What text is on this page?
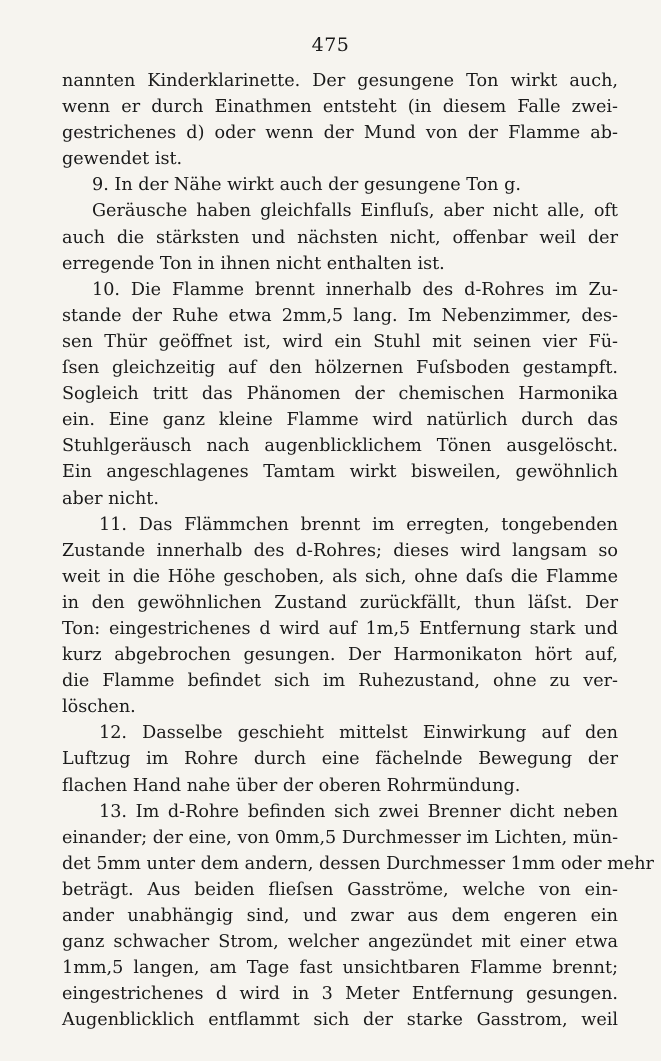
475
nannten Kinderklarinette. Der gesungene Ton wirkt auch,
wenn er durch Einathmen entsteht (in diesem Falle zwei-
gestrichenes d) oder wenn der Mund von der Flamme ab-
gewendet ist.
9. In der Nähe wirkt auch der gesungene Ton g.
Geräusche haben gleichfalls Einfluſs, aber nicht alle, oft
auch die stärksten und nächsten nicht, offenbar weil der
erregende Ton in ihnen nicht enthalten ist.
10. Die Flamme brennt innerhalb des d-Rohres im Zu-
stande der Ruhe etwa 2mm,5 lang. Im Nebenzimmer, des-
sen Thür geöffnet ist, wird ein Stuhl mit seinen vier Fü-
ſsen gleichzeitig auf den hölzernen Fuſsboden gestampft.
Sogleich tritt das Phänomen der chemischen Harmonika
ein. Eine ganz kleine Flamme wird natürlich durch das
Stuhlgeräusch nach augenblicklichem Tönen ausgelöscht.
Ein angeschlagenes Tamtam wirkt bisweilen, gewöhnlich
aber nicht.
11. Das Flämmchen brennt im erregten, tongebenden
Zustande innerhalb des d-Rohres; dieses wird langsam so
weit in die Höhe geschoben, als sich, ohne daſs die Flamme
in den gewöhnlichen Zustand zurückfällt, thun läſst. Der
Ton: eingestrichenes d wird auf 1m,5 Entfernung stark und
kurz abgebrochen gesungen. Der Harmonikaton hört auf,
die Flamme befindet sich im Ruhezustand, ohne zu ver-
löschen.
12. Dasselbe geschieht mittelst Einwirkung auf den
Luftzug im Rohre durch eine fächelnde Bewegung der
flachen Hand nahe über der oberen Rohrmündung.
13. Im d-Rohre befinden sich zwei Brenner dicht neben
einander; der eine, von 0mm,5 Durchmesser im Lichten, mün-
det 5mm unter dem andern, dessen Durchmesser 1mm oder mehr
beträgt. Aus beiden flieſsen Gasströme, welche von ein-
ander unabhängig sind, und zwar aus dem engeren ein
ganz schwacher Strom, welcher angezündet mit einer etwa
1mm,5 langen, am Tage fast unsichtbaren Flamme brennt;
eingestrichenes d wird in 3 Meter Entfernung gesungen.
Augenblicklich entflammt sich der starke Gasstrom, weil
